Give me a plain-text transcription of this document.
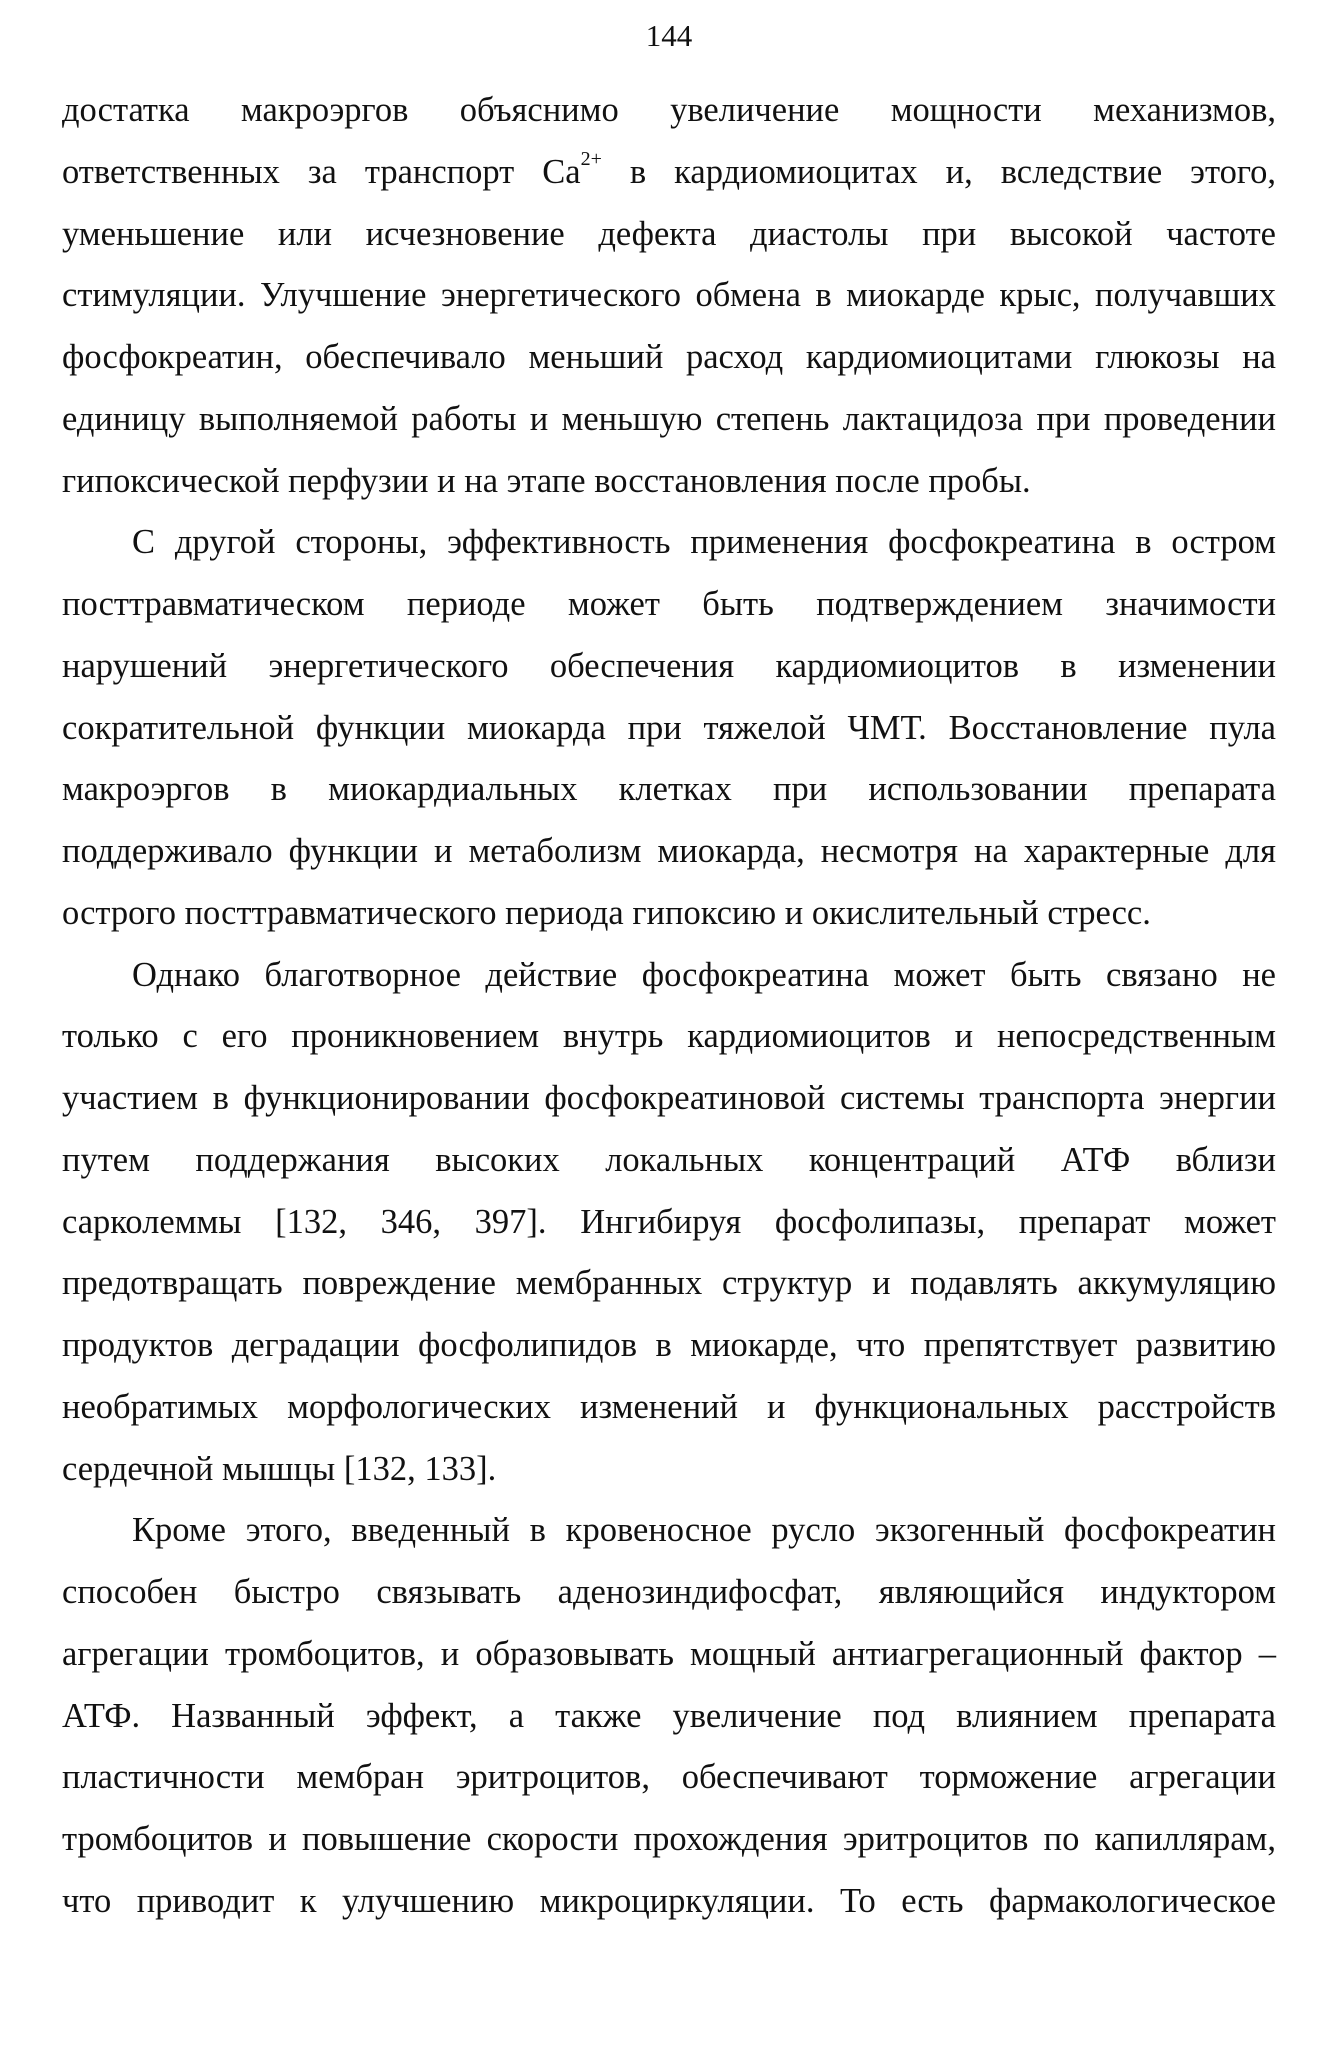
144
достатка макроэргов объяснимо увеличение мощности механизмов,
ответственных за транспорт $Ca^{2+}$ в кардиомиоцитах и, вследствие этого,
уменьшение или исчезновение дефекта диастолы при высокой частоте
стимуляции. Улучшение энергетического обмена в миокарде крыс, получавших
фосфокреатин, обеспечивало меньший расход кардиомиоцитами глюкозы на
единицу выполняемой работы и меньшую степень лактацидоза при проведении
гипоксической перфузии и на этапе восстановления после пробы.
С другой стороны, эффективность применения фосфокреатина в остром
посттравматическом периоде может быть подтверждением значимости
нарушений энергетического обеспечения кардиомиоцитов в изменении
сократительной функции миокарда при тяжелой ЧМТ. Восстановление пула
макроэргов в миокардиальных клетках при использовании препарата
поддерживало функции и метаболизм миокарда, несмотря на характерные для
острого посттравматического периода гипоксию и окислительный стресс.
Однако благотворное действие фосфокреатина может быть связано не
только с его проникновением внутрь кардиомиоцитов и непосредственным
участием в функционировании фосфокреатиновой системы транспорта энергии
путем поддержания высоких локальных концентраций АТФ вблизи
сарколеммы [132, 346, 397]. Ингибируя фосфолипазы, препарат может
предотвращать повреждение мембранных структур и подавлять аккумуляцию
продуктов деградации фосфолипидов в миокарде, что препятствует развитию
необратимых морфологических изменений и функциональных расстройств
сердечной мышцы [132, 133].
Кроме этого, введенный в кровеносное русло экзогенный фосфокреатин
способен быстро связывать аденозиндифосфат, являющийся индуктором
агрегации тромбоцитов, и образовывать мощный антиагрегационный фактор –
АТФ. Названный эффект, а также увеличение под влиянием препарата
пластичности мембран эритроцитов, обеспечивают торможение агрегации
тромбоцитов и повышение скорости прохождения эритроцитов по капиллярам,
что приводит к улучшению микроциркуляции. То есть фармакологическое
